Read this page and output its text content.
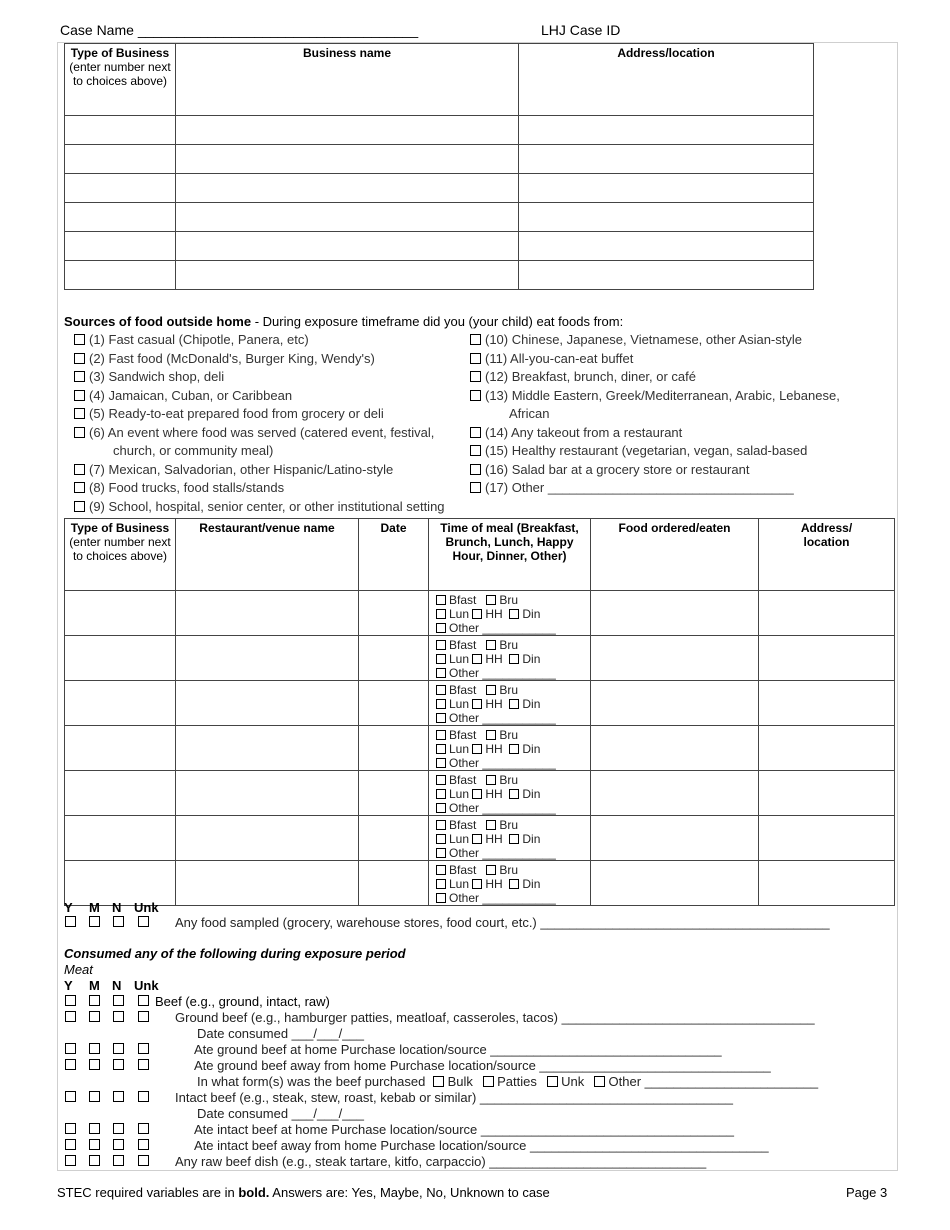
Case Name ____________________________________	LHJ Case ID
Type of Business
(enter number next to choices above)	Business name	Address/location

Sources of food outside home - During exposure timeframe did you (your child) eat foods from:
Type of Business
(enter number next to choices above)	Restaurant/venue name	Date	Time of meal (Breakfast, Brunch, Lunch, Happy Hour, Dinner, Other)	Food ordered/eaten	Address/ location

			Bfast Bru
Lun HH Din
Other ___________		

			Bfast Bru
Lun HH Din
Other ___________		

			Bfast Bru
Lun HH Din
Other ___________		

			Bfast Bru
Lun HH Din
Other ___________		

			Bfast Bru
Lun HH Din
Other ___________		

			Bfast Bru
Lun HH Din
Other ___________		

			Bfast Bru
Lun HH Din
Other ___________		

Y M N Unk
Any food sampled (grocery, warehouse stores, food court, etc.) ________________________________________
Consumed any of the following during exposure period
Meat
Y M N Unk
Beef (e.g., ground, intact, raw)
Ground beef (e.g., hamburger patties, meatloaf, casseroles, tacos) ___________________________________
Date consumed ___/___/___
Ate ground beef at home Purchase location/source ________________________________
Ate ground beef away from home Purchase location/source ________________________________
In what form(s) was the beef purchased Bulk Patties Unk Other ________________________
Intact beef (e.g., steak, stew, roast, kebab or similar) ___________________________________
Date consumed ___/___/___
Ate intact beef at home Purchase location/source ___________________________________
Ate intact beef away from home Purchase location/source _________________________________
Any raw beef dish (e.g., steak tartare, kitfo, carpaccio) ______________________________
STEC required variables are in bold. Answers are: Yes, Maybe, No, Unknown to case	Page 3
(1) Fast casual (Chipotle, Panera, etc)
(2) Fast food (McDonald's, Burger King, Wendy's)
(3) Sandwich shop, deli
(4) Jamaican, Cuban, or Caribbean
(5) Ready-to-eat prepared food from grocery or deli
(6) An event where food was served (catered event, festival,
church, or community meal)
(7) Mexican, Salvadorian, other Hispanic/Latino-style
(8) Food trucks, food stalls/stands
(9) School, hospital, senior center, or other institutional setting
(10) Chinese, Japanese, Vietnamese, other Asian-style
(11) All-you-can-eat buffet
(12) Breakfast, brunch, diner, or café
(13) Middle Eastern, Greek/Mediterranean, Arabic, Lebanese,
African
(14) Any takeout from a restaurant
(15) Healthy restaurant (vegetarian, vegan, salad-based
(16) Salad bar at a grocery store or restaurant
(17) Other __________________________________
